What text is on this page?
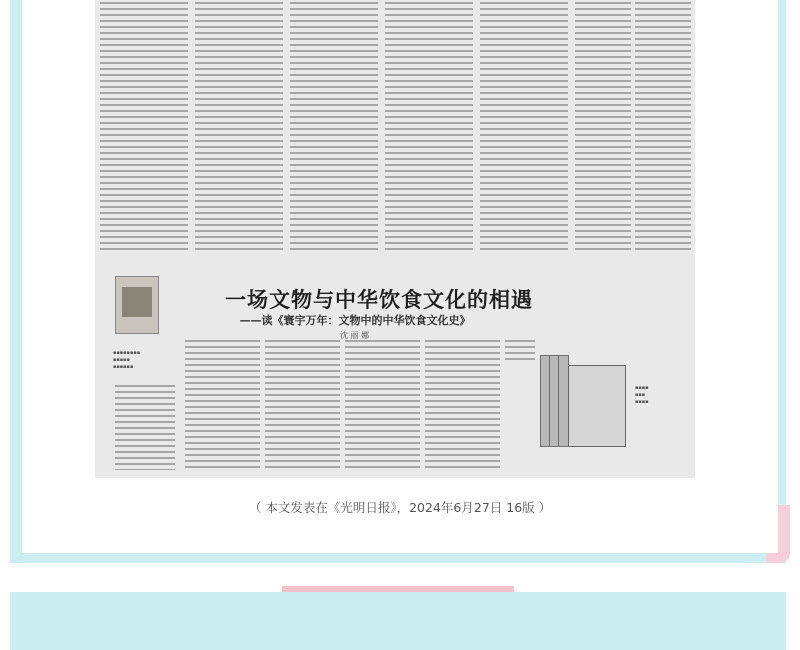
▪▪▪▪▪▪▪▪
▪▪▪▪▪
▪▪▪▪▪▪
▪▪▪▪
▪▪▪
▪▪▪▪
一场文物与中华饮食文化的相遇
——读《寰宇万年：文物中的中华饮食文化史》
沈 丽 娜
（ 本文发表在《光明日报》，2024年6月27日 16版 ）
